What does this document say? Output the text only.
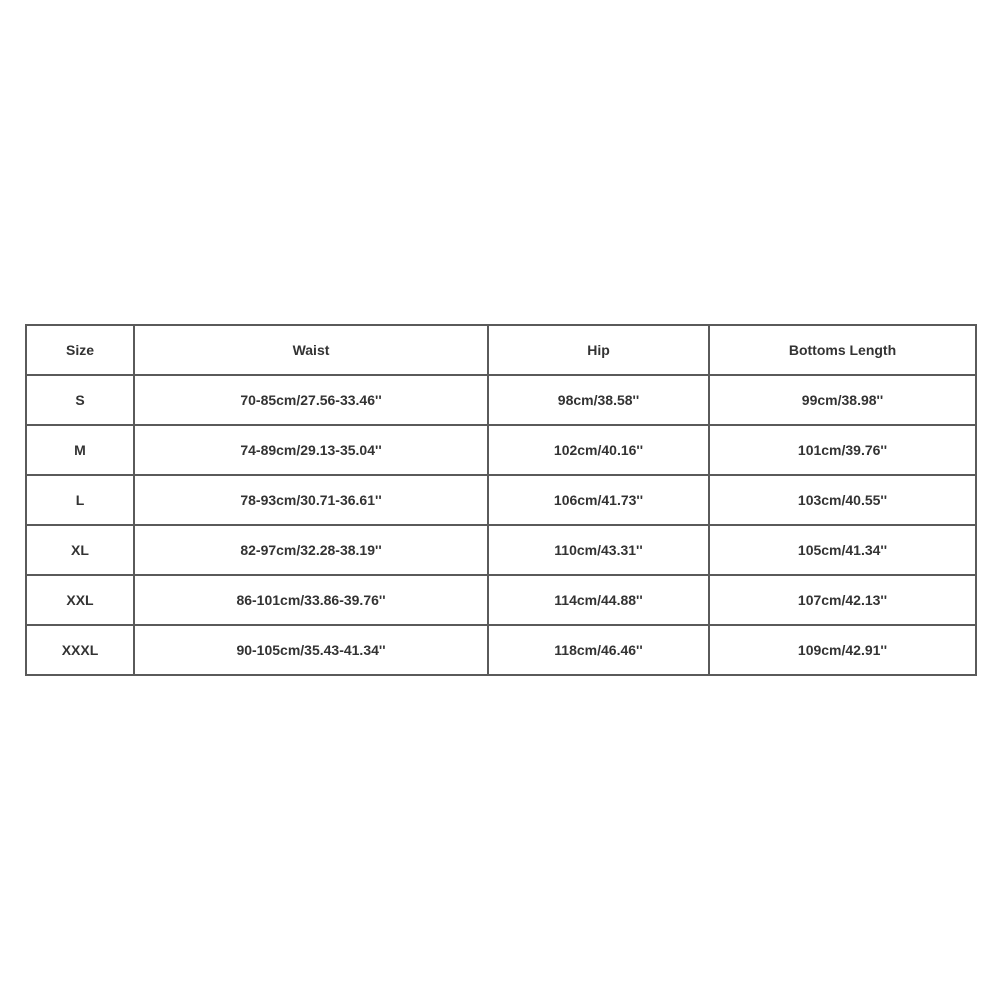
Size	Waist	Hip	Bottoms Length
S	70-85cm/27.56-33.46''	98cm/38.58''	99cm/38.98''
M	74-89cm/29.13-35.04''	102cm/40.16''	101cm/39.76''
L	78-93cm/30.71-36.61''	106cm/41.73''	103cm/40.55''
XL	82-97cm/32.28-38.19''	110cm/43.31''	105cm/41.34''
XXL	86-101cm/33.86-39.76''	114cm/44.88''	107cm/42.13''
XXXL	90-105cm/35.43-41.34''	118cm/46.46''	109cm/42.91''
